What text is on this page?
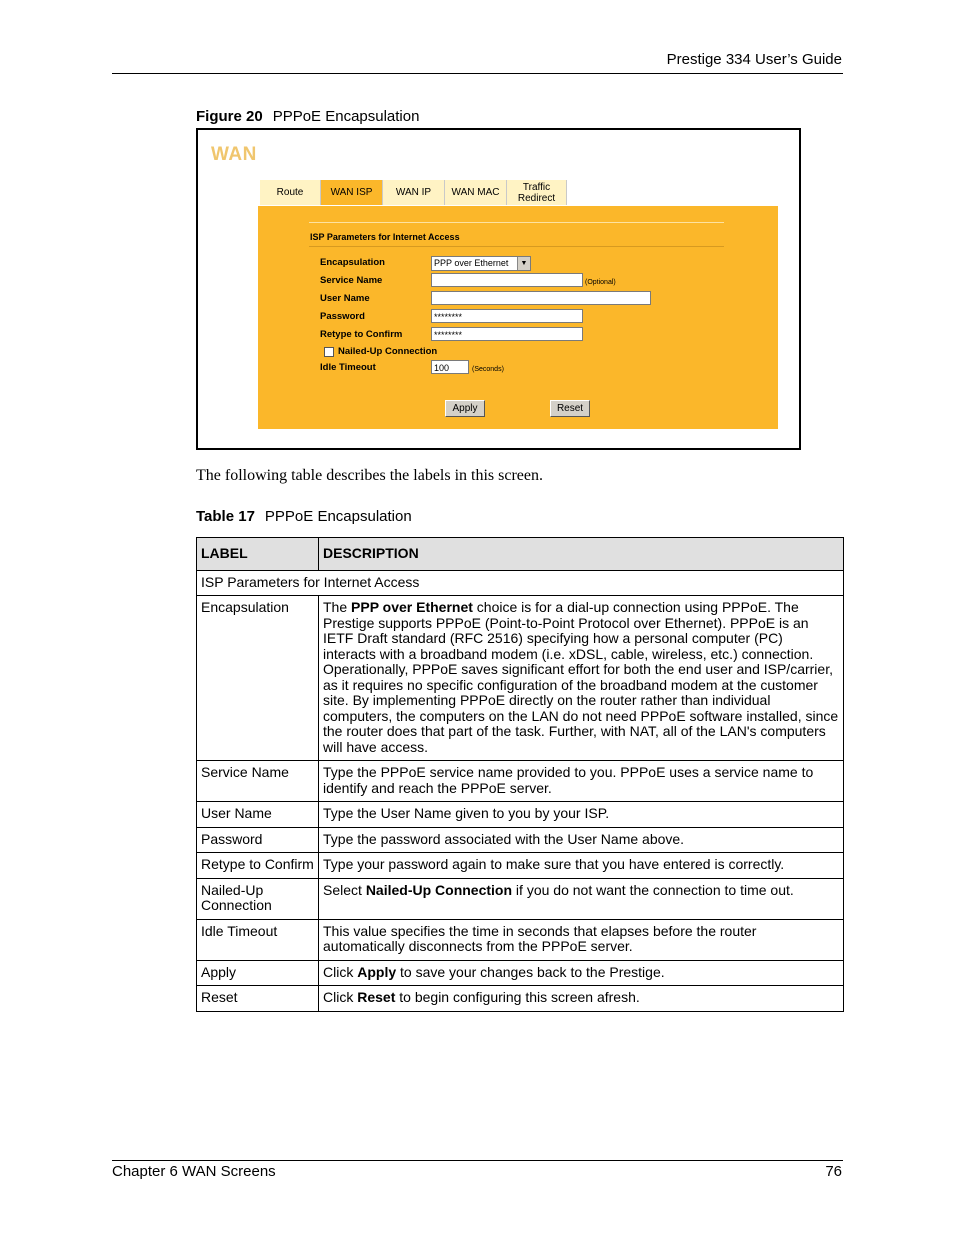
Prestige 334 User’s Guide
Figure 20 PPPoE Encapsulation
WAN
Route	WAN ISP	WAN IP	WAN MAC	Traffic Redirect
ISP Parameters for Internet Access
Encapsulation	PPP over Ethernet	▼
Service Name	(Optional)
User Name
Password	********
Retype to Confirm	********
Nailed-Up Connection
Idle Timeout	100	(Seconds)
Apply	Reset
The following table describes the labels in this screen.
Table 17 PPPoE Encapsulation
LABEL	DESCRIPTION
ISP Parameters for Internet Access	
Encapsulation	The PPP over Ethernet choice is for a dial-up connection using PPPoE. The Prestige supports PPPoE (Point-to-Point Protocol over Ethernet). PPPoE is an IETF Draft standard (RFC 2516) specifying how a personal computer (PC) interacts with a broadband modem (i.e. xDSL, cable, wireless, etc.) connection. Operationally, PPPoE saves significant effort for both the end user and ISP/carrier, as it requires no specific configuration of the broadband modem at the customer site. By implementing PPPoE directly on the router rather than individual computers, the computers on the LAN do not need PPPoE software installed, since the router does that part of the task. Further, with NAT, all of the LAN's computers will have access.
Service Name	Type the PPPoE service name provided to you. PPPoE uses a service name to identify and reach the PPPoE server.
User Name	Type the User Name given to you by your ISP.
Password	Type the password associated with the User Name above.
Retype to Confirm	Type your password again to make sure that you have entered is correctly.
Nailed-Up Connection	Select Nailed-Up Connection if you do not want the connection to time out.
Idle Timeout	This value specifies the time in seconds that elapses before the router automatically disconnects from the PPPoE server.
Apply	Click Apply to save your changes back to the Prestige.
Reset	Click Reset to begin configuring this screen afresh.
Chapter 6 WAN Screens	76
